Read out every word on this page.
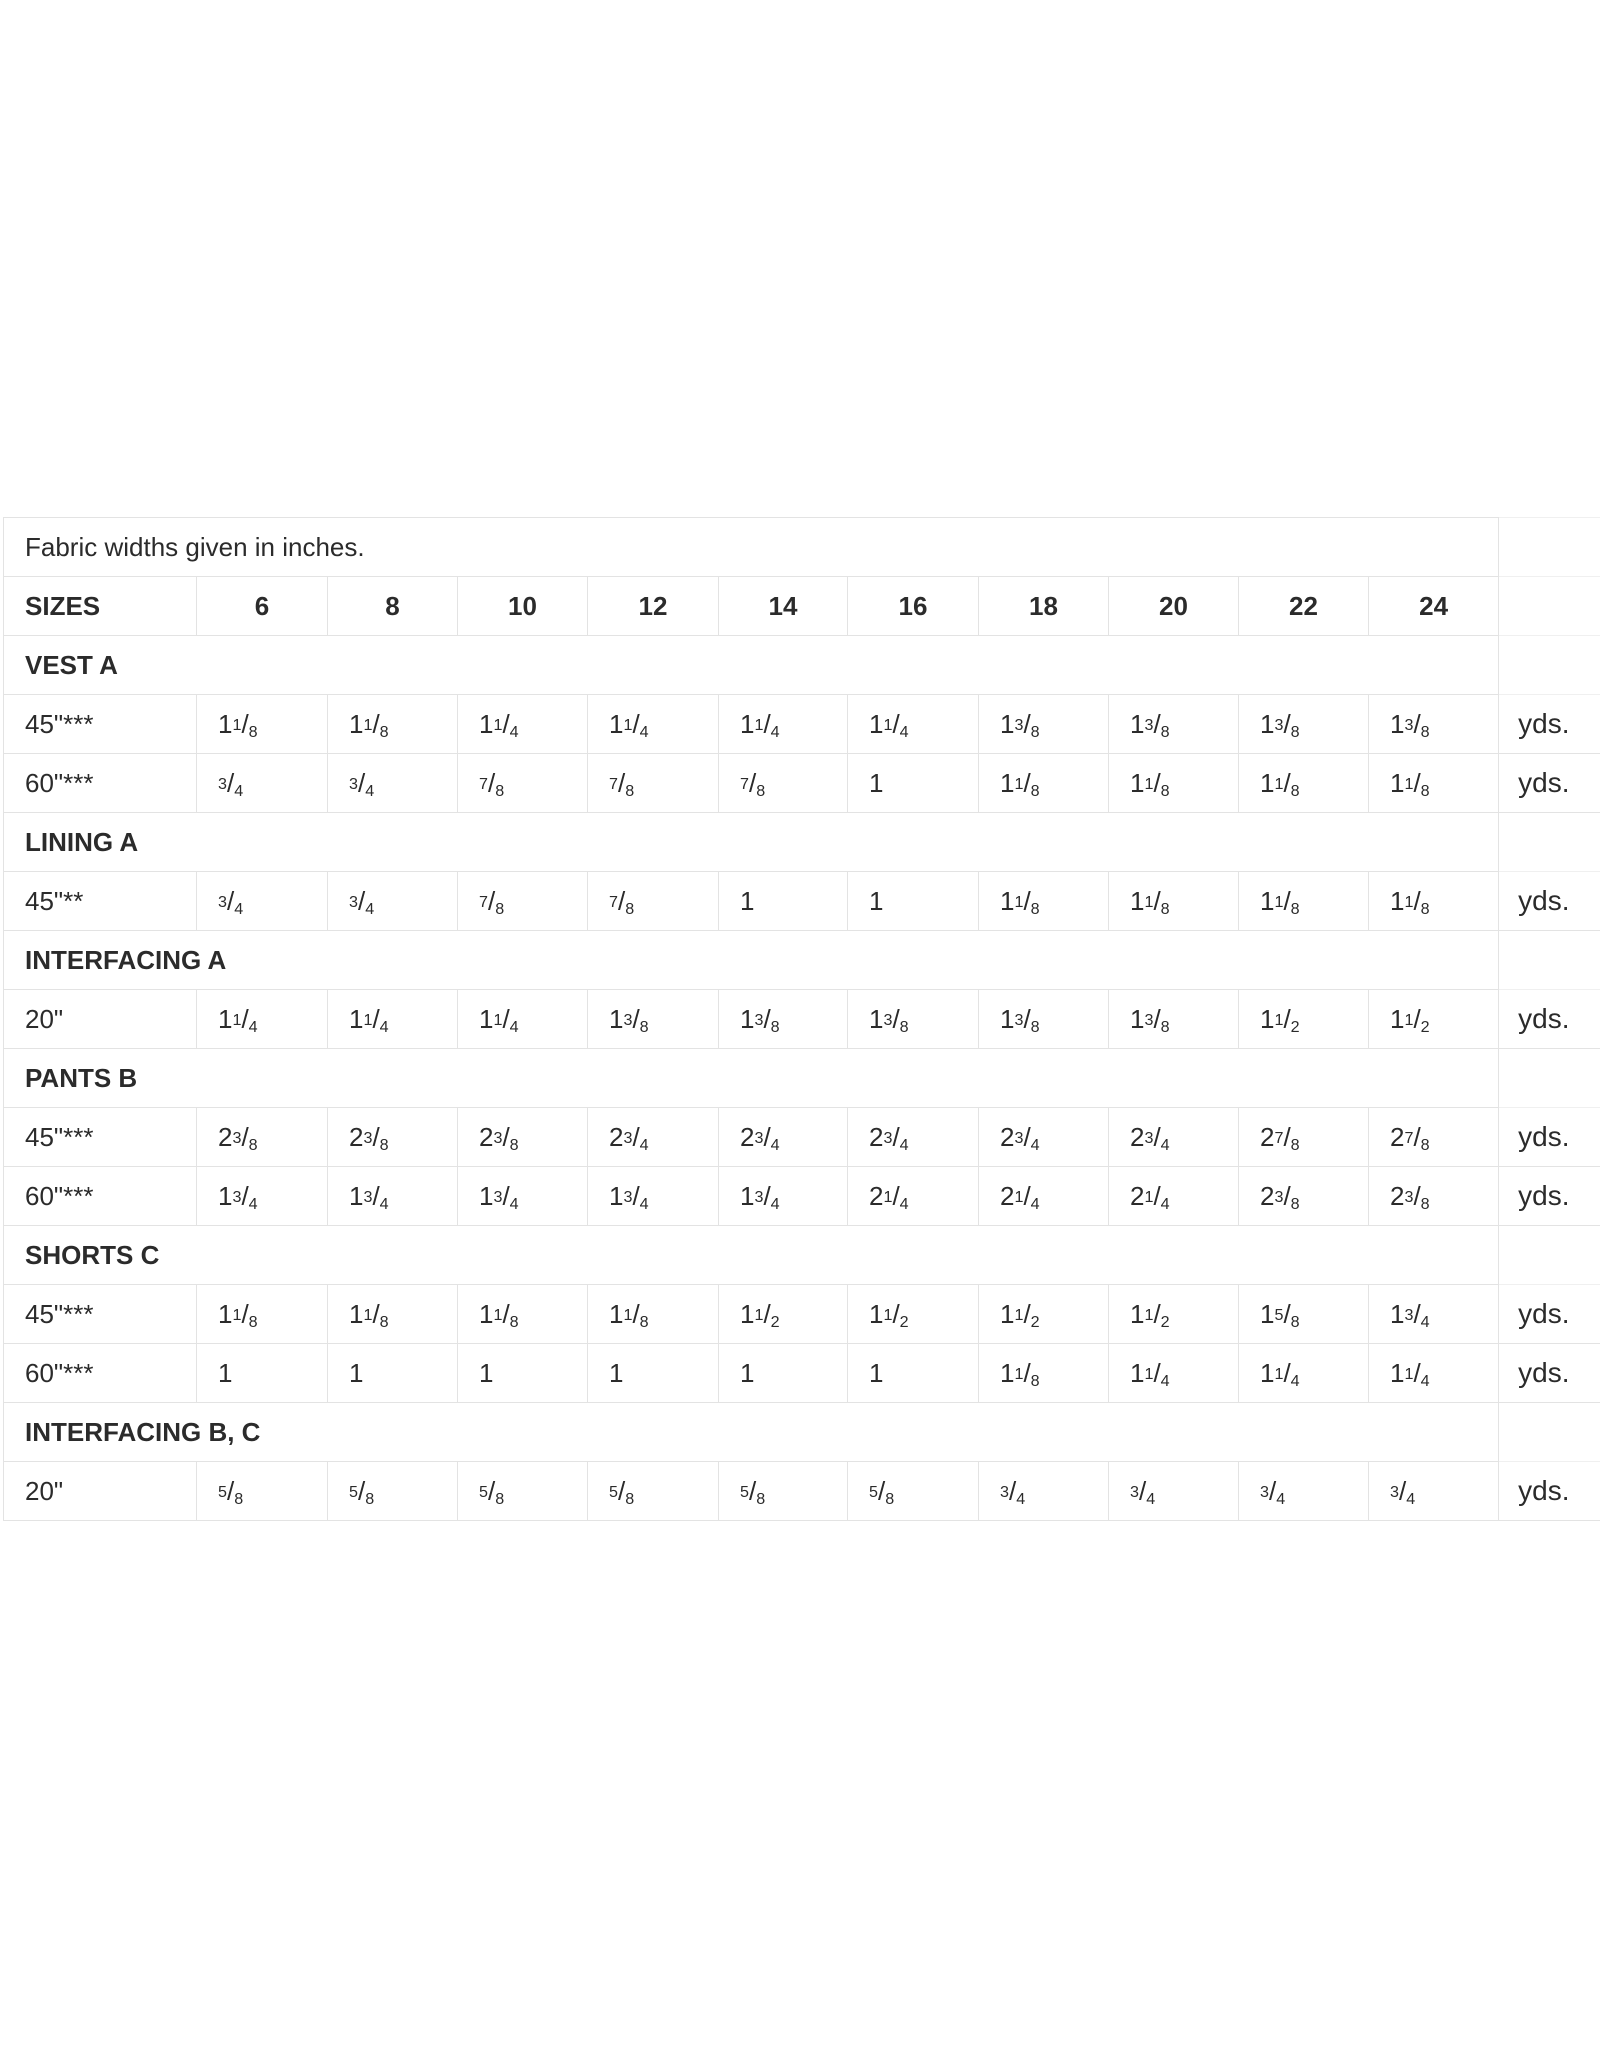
Fabric widths given in inches.											
SIZES	6	8	10	12	14	16	18	20	22	24	
VEST A											
45"***	$1^1/_8$	$1^1/_8$	$1^1/_4$	$1^1/_4$	$1^1/_4$	$1^1/_4$	$1^3/_8$	$1^3/_8$	$1^3/_8$	$1^3/_8$	yds.
60"***	$^3/_4$	$^3/_4$	$^7/_8$	$^7/_8$	$^7/_8$	1	$1^1/_8$	$1^1/_8$	$1^1/_8$	$1^1/_8$	yds.
LINING A											
45"**	$^3/_4$	$^3/_4$	$^7/_8$	$^7/_8$	1	1	$1^1/_8$	$1^1/_8$	$1^1/_8$	$1^1/_8$	yds.
INTERFACING A											
20"	$1^1/_4$	$1^1/_4$	$1^1/_4$	$1^3/_8$	$1^3/_8$	$1^3/_8$	$1^3/_8$	$1^3/_8$	$1^1/_2$	$1^1/_2$	yds.
PANTS B											
45"***	$2^3/_8$	$2^3/_8$	$2^3/_8$	$2^3/_4$	$2^3/_4$	$2^3/_4$	$2^3/_4$	$2^3/_4$	$2^7/_8$	$2^7/_8$	yds.
60"***	$1^3/_4$	$1^3/_4$	$1^3/_4$	$1^3/_4$	$1^3/_4$	$2^1/_4$	$2^1/_4$	$2^1/_4$	$2^3/_8$	$2^3/_8$	yds.
SHORTS C											
45"***	$1^1/_8$	$1^1/_8$	$1^1/_8$	$1^1/_8$	$1^1/_2$	$1^1/_2$	$1^1/_2$	$1^1/_2$	$1^5/_8$	$1^3/_4$	yds.
60"***	1	1	1	1	1	1	$1^1/_8$	$1^1/_4$	$1^1/_4$	$1^1/_4$	yds.
INTERFACING B, C											
20"	$^5/_8$	$^5/_8$	$^5/_8$	$^5/_8$	$^5/_8$	$^5/_8$	$^3/_4$	$^3/_4$	$^3/_4$	$^3/_4$	yds.
